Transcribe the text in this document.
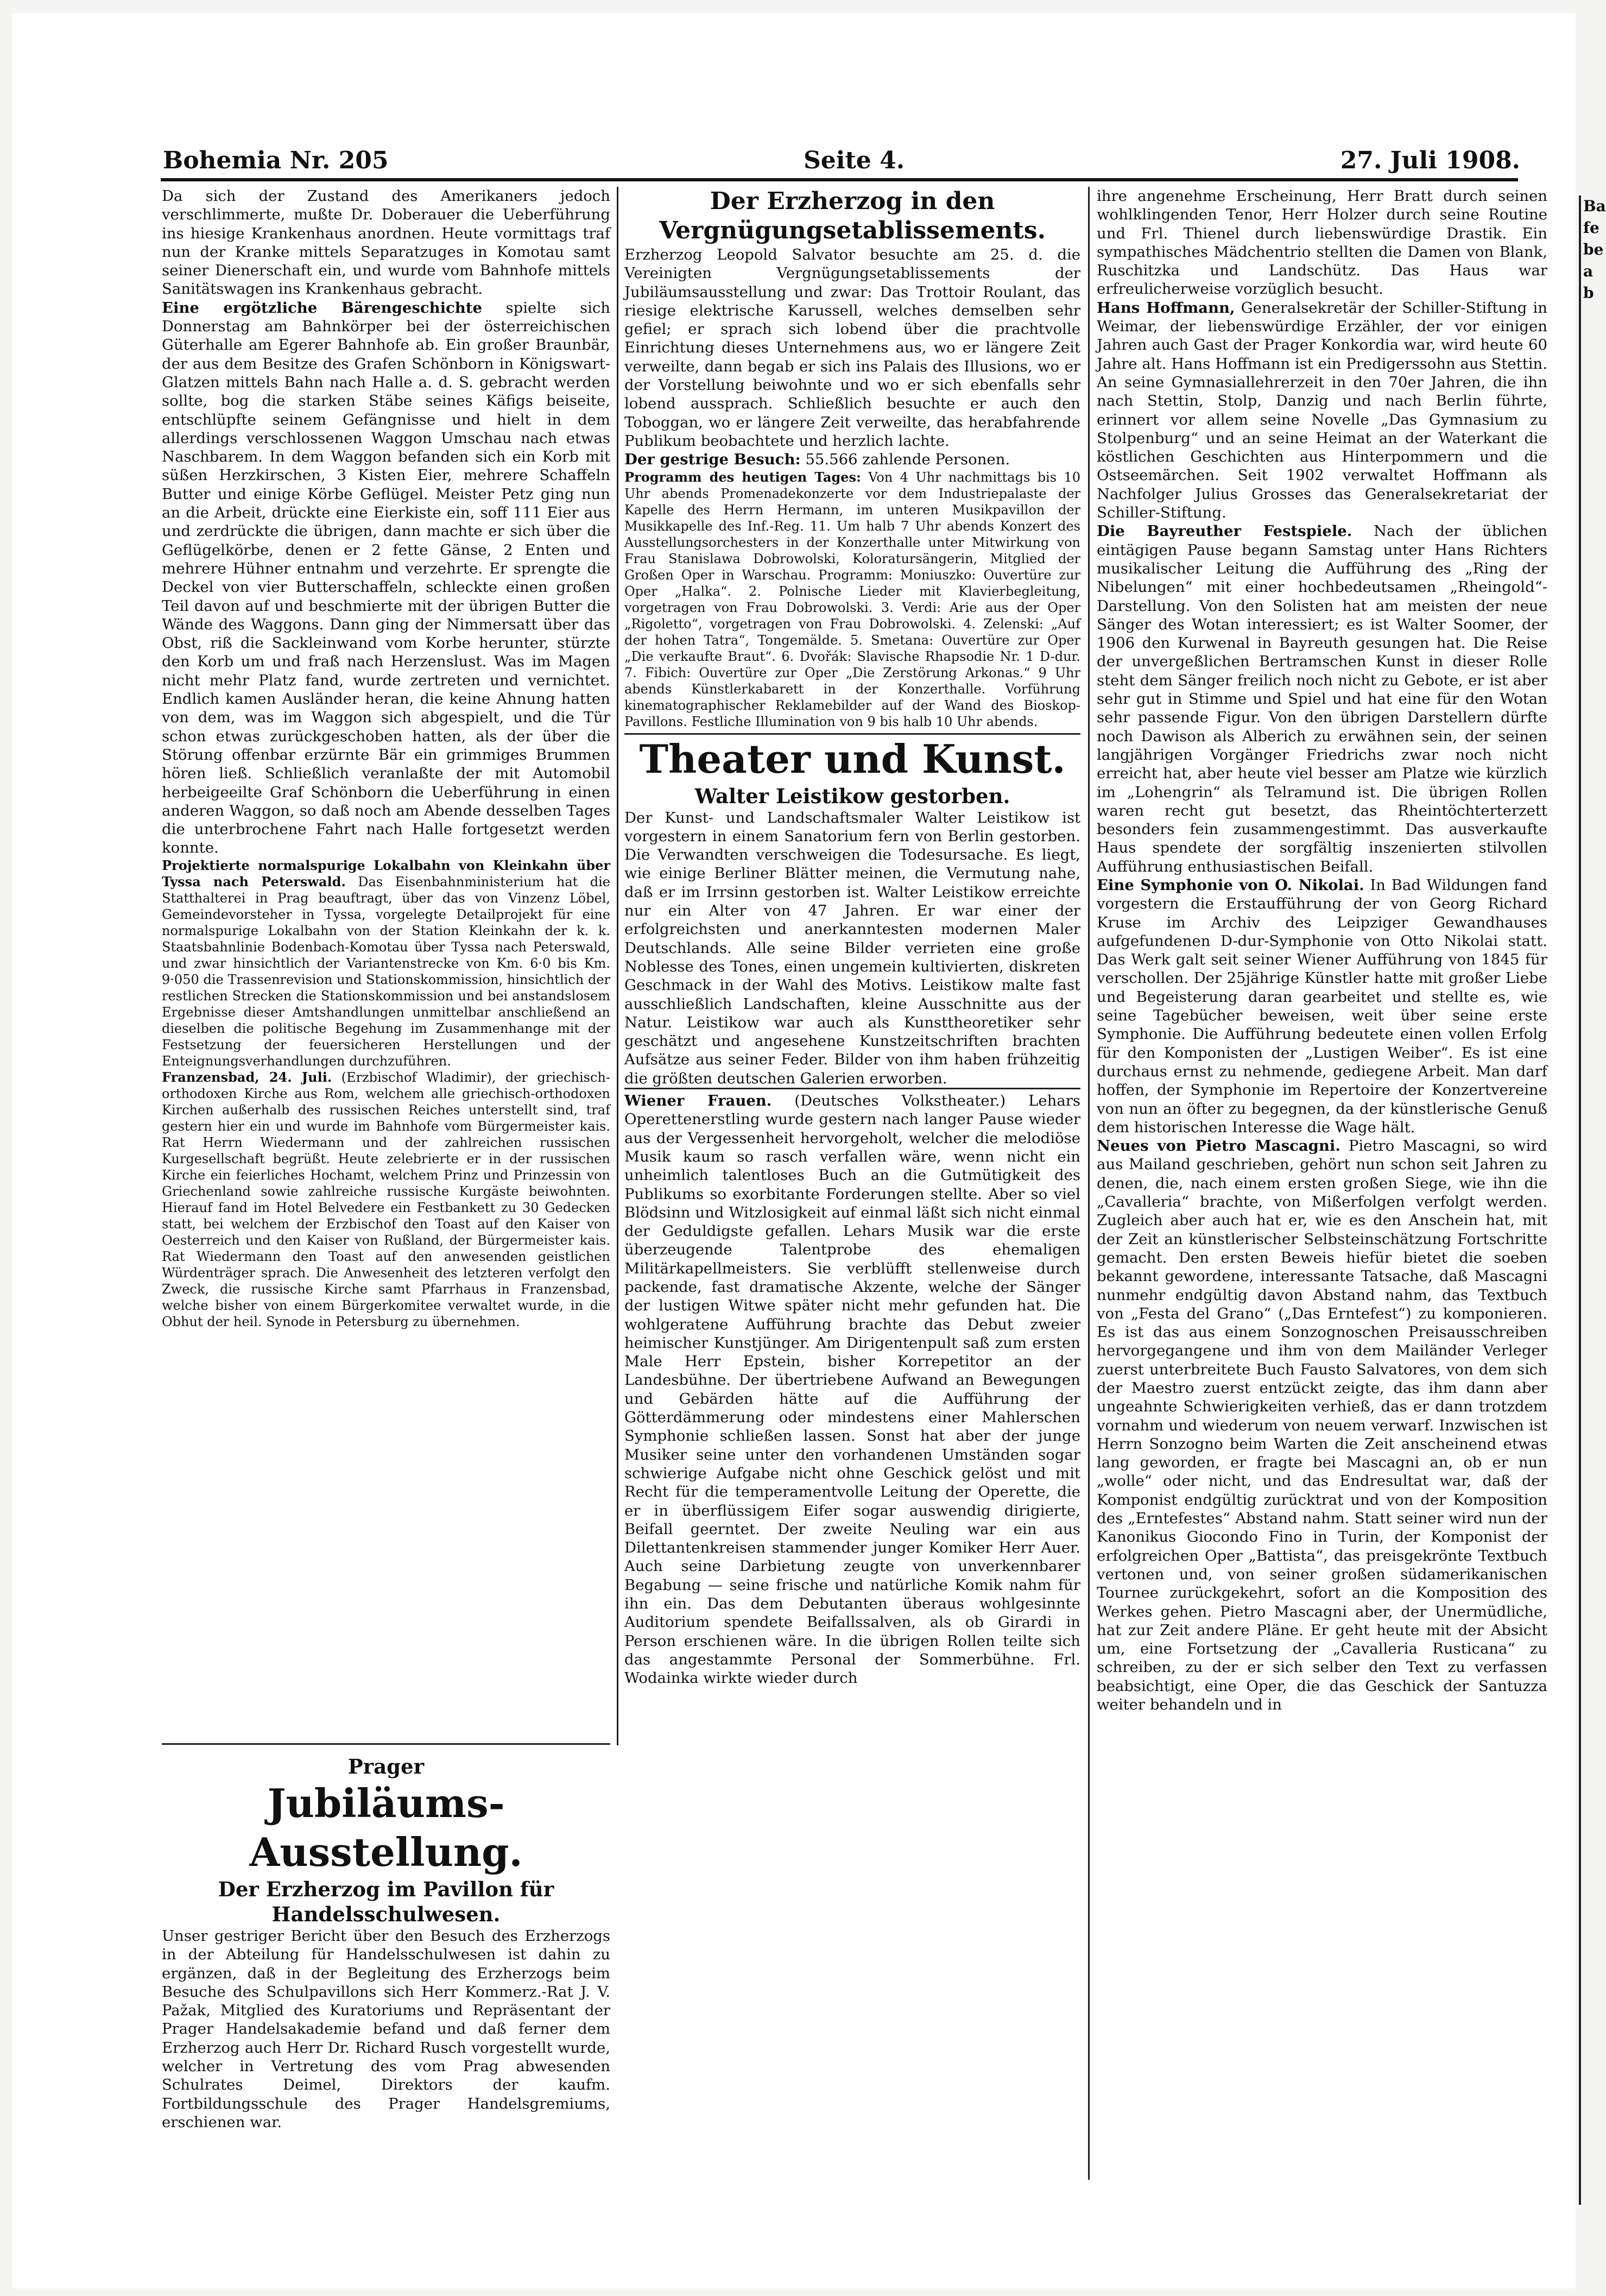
Bohemia Nr. 205	Seite 4.	27. Juli 1908.

Da sich der Zustand des Amerikaners jedoch verschlimmerte, mußte Dr. Doberauer die Ueberführung ins hiesige Krankenhaus anordnen. Heute vormittags traf nun der Kranke mittels Separatzuges in Komotau samt seiner Dienerschaft ein, und wurde vom Bahnhofe mittels Sanitätswagen ins Krankenhaus gebracht.

Eine ergötzliche Bärengeschichte spielte sich Donnerstag am Bahnkörper bei der österreichischen Güterhalle am Egerer Bahnhofe ab. Ein großer Braunbär, der aus dem Besitze des Grafen Schönborn in Königswart-Glatzen mittels Bahn nach Halle a. d. S. gebracht werden sollte, bog die starken Stäbe seines Käfigs beiseite, entschlüpfte seinem Gefängnisse und hielt in dem allerdings verschlossenen Waggon Umschau nach etwas Naschbarem. In dem Waggon befanden sich ein Korb mit süßen Herzkirschen, 3 Kisten Eier, mehrere Schaffeln Butter und einige Körbe Geflügel. Meister Petz ging nun an die Arbeit, drückte eine Eierkiste ein, soff 111 Eier aus und zerdrückte die übrigen, dann machte er sich über die Geflügelkörbe, denen er 2 fette Gänse, 2 Enten und mehrere Hühner entnahm und verzehrte. Er sprengte die Deckel von vier Butterschaffeln, schleckte einen großen Teil davon auf und beschmierte mit der übrigen Butter die Wände des Waggons. Dann ging der Nimmersatt über das Obst, riß die Sackleinwand vom Korbe herunter, stürzte den Korb um und fraß nach Herzenslust. Was im Magen nicht mehr Platz fand, wurde zertreten und vernichtet. Endlich kamen Ausländer heran, die keine Ahnung hatten von dem, was im Waggon sich abgespielt, und die Tür schon etwas zurückgeschoben hatten, als der über die Störung offenbar erzürnte Bär ein grimmiges Brummen hören ließ. Schließlich veranlaßte der mit Automobil herbeigeeilte Graf Schönborn die Ueberführung in einen anderen Waggon, so daß noch am Abende desselben Tages die unterbrochene Fahrt nach Halle fortgesetzt werden konnte.

Projektierte normalspurige Lokalbahn von Kleinkahn über Tyssa nach Peterswald. Das Eisenbahnministerium hat die Statthalterei in Prag beauftragt, über das von Vinzenz Löbel, Gemeindevorsteher in Tyssa, vorgelegte Detailprojekt für eine normalspurige Lokalbahn von der Station Kleinkahn der k. k. Staatsbahnlinie Bodenbach-Komotau über Tyssa nach Peterswald, und zwar hinsichtlich der Variantenstrecke von Km. 6·0 bis Km. 9·050 die Trassenrevision und Stationskommission, hinsichtlich der restlichen Strecken die Stationskommission und bei anstandslosem Ergebnisse dieser Amtshandlungen unmittelbar anschließend an dieselben die politische Begehung im Zusammenhange mit der Festsetzung der feuersicheren Herstellungen und der Enteignungsverhandlungen durchzuführen.

Franzensbad, 24. Juli. (Erzbischof Wladimir), der griechisch-orthodoxen Kirche aus Rom, welchem alle griechisch-orthodoxen Kirchen außerhalb des russischen Reiches unterstellt sind, traf gestern hier ein und wurde im Bahnhofe vom Bürgermeister kais. Rat Herrn Wiedermann und der zahlreichen russischen Kurgesellschaft begrüßt. Heute zelebrierte er in der russischen Kirche ein feierliches Hochamt, welchem Prinz und Prinzessin von Griechenland sowie zahlreiche russische Kurgäste beiwohnten. Hierauf fand im Hotel Belvedere ein Festbankett zu 30 Gedecken statt, bei welchem der Erzbischof den Toast auf den Kaiser von Oesterreich und den Kaiser von Rußland, der Bürgermeister kais. Rat Wiedermann den Toast auf den anwesenden geistlichen Würdenträger sprach. Die Anwesenheit des letzteren verfolgt den Zweck, die russische Kirche samt Pfarrhaus in Franzensbad, welche bisher von einem Bürgerkomitee verwaltet wurde, in die Obhut der heil. Synode in Petersburg zu übernehmen.

Prager
Jubiläums-Ausstellung.
Der Erzherzog im Pavillon für Handelsschulwesen.

Unser gestriger Bericht über den Besuch des Erzherzogs in der Abteilung für Handelsschulwesen ist dahin zu ergänzen, daß in der Begleitung des Erzherzogs beim Besuche des Schulpavillons sich Herr Kommerz.-Rat J. V. Pažak, Mitglied des Kuratoriums und Repräsentant der Prager Handelsakademie befand und daß ferner dem Erzherzog auch Herr Dr. Richard Rusch vorgestellt wurde, welcher in Vertretung des vom Prag abwesenden Schulrates Deimel, Direktors der kaufm. Fortbildungsschule des Prager Handelsgremiums, erschienen war.

Der Erzherzog in den Vergnügungsetablissements.

Erzherzog Leopold Salvator besuchte am 25. d. die Vereinigten Vergnügungsetablissements der Jubiläumsausstellung und zwar: Das Trottoir Roulant, das riesige elektrische Karussell, welches demselben sehr gefiel; er sprach sich lobend über die prachtvolle Einrichtung dieses Unternehmens aus, wo er längere Zeit verweilte, dann begab er sich ins Palais des Illusions, wo er der Vorstellung beiwohnte und wo er sich ebenfalls sehr lobend aussprach. Schließlich besuchte er auch den Toboggan, wo er längere Zeit verweilte, das herabfahrende Publikum beobachtete und herzlich lachte.

Der gestrige Besuch: 55.566 zahlende Personen.

Programm des heutigen Tages: Von 4 Uhr nachmittags bis 10 Uhr abends Promenadekonzerte vor dem Industriepalaste der Kapelle des Herrn Hermann, im unteren Musikpavillon der Musikkapelle des Inf.-Reg. 11. Um halb 7 Uhr abends Konzert des Ausstellungsorchesters in der Konzerthalle unter Mitwirkung von Frau Stanislawa Dobrowolski, Koloratursängerin, Mitglied der Großen Oper in Warschau. Programm: Moniuszko: Ouvertüre zur Oper „Halka“. 2. Polnische Lieder mit Klavierbegleitung, vorgetragen von Frau Dobrowolski. 3. Verdi: Arie aus der Oper „Rigoletto“, vorgetragen von Frau Dobrowolski. 4. Zelenski: „Auf der hohen Tatra“, Tongemälde. 5. Smetana: Ouvertüre zur Oper „Die verkaufte Braut“. 6. Dvořák: Slavische Rhapsodie Nr. 1 D-dur. 7. Fibich: Ouvertüre zur Oper „Die Zerstörung Arkonas.“ 9 Uhr abends Künstlerkabarett in der Konzerthalle. Vorführung kinematographischer Reklamebilder auf der Wand des Bioskop-Pavillons. Festliche Illumination von 9 bis halb 10 Uhr abends.

Theater und Kunst.
Walter Leistikow gestorben.

Der Kunst- und Landschaftsmaler Walter Leistikow ist vorgestern in einem Sanatorium fern von Berlin gestorben. Die Verwandten verschweigen die Todesursache. Es liegt, wie einige Berliner Blätter meinen, die Vermutung nahe, daß er im Irrsinn gestorben ist. Walter Leistikow erreichte nur ein Alter von 47 Jahren. Er war einer der erfolgreichsten und anerkanntesten modernen Maler Deutschlands. Alle seine Bilder verrieten eine große Noblesse des Tones, einen ungemein kultivierten, diskreten Geschmack in der Wahl des Motivs. Leistikow malte fast ausschließlich Landschaften, kleine Ausschnitte aus der Natur. Leistikow war auch als Kunsttheoretiker sehr geschätzt und angesehene Kunstzeitschriften brachten Aufsätze aus seiner Feder. Bilder von ihm haben frühzeitig die größten deutschen Galerien erworben.

Wiener Frauen. (Deutsches Volkstheater.) Lehars Operettenerstling wurde gestern nach langer Pause wieder aus der Vergessenheit hervorgeholt, welcher die melodiöse Musik kaum so rasch verfallen wäre, wenn nicht ein unheimlich talentloses Buch an die Gutmütigkeit des Publikums so exorbitante Forderungen stellte. Aber so viel Blödsinn und Witzlosigkeit auf einmal läßt sich nicht einmal der Geduldigste gefallen. Lehars Musik war die erste überzeugende Talentprobe des ehemaligen Militärkapellmeisters. Sie verblüfft stellenweise durch packende, fast dramatische Akzente, welche der Sänger der lustigen Witwe später nicht mehr gefunden hat. Die wohlgeratene Aufführung brachte das Debut zweier heimischer Kunstjünger. Am Dirigentenpult saß zum ersten Male Herr Epstein, bisher Korrepetitor an der Landesbühne. Der übertriebene Aufwand an Bewegungen und Gebärden hätte auf die Aufführung der Götterdämmerung oder mindestens einer Mahlerschen Symphonie schließen lassen. Sonst hat aber der junge Musiker seine unter den vorhandenen Umständen sogar schwierige Aufgabe nicht ohne Geschick gelöst und mit Recht für die temperamentvolle Leitung der Operette, die er in überflüssigem Eifer sogar auswendig dirigierte, Beifall geerntet. Der zweite Neuling war ein aus Dilettantenkreisen stammender junger Komiker Herr Auer. Auch seine Darbietung zeugte von unverkennbarer Begabung — seine frische und natürliche Komik nahm für ihn ein. Das dem Debutanten überaus wohlgesinnte Auditorium spendete Beifallssalven, als ob Girardi in Person erschienen wäre. In die übrigen Rollen teilte sich das angestammte Personal der Sommerbühne. Frl. Wodainka wirkte wieder durch

ihre angenehme Erscheinung, Herr Bratt durch seinen wohlklingenden Tenor, Herr Holzer durch seine Routine und Frl. Thienel durch liebenswürdige Drastik. Ein sympathisches Mädchentrio stellten die Damen von Blank, Ruschitzka und Landschütz. Das Haus war erfreulicherweise vorzüglich besucht.

Hans Hoffmann, Generalsekretär der Schiller-Stiftung in Weimar, der liebenswürdige Erzähler, der vor einigen Jahren auch Gast der Prager Konkordia war, wird heute 60 Jahre alt. Hans Hoffmann ist ein Predigerssohn aus Stettin. An seine Gymnasiallehrerzeit in den 70er Jahren, die ihn nach Stettin, Stolp, Danzig und nach Berlin führte, erinnert vor allem seine Novelle „Das Gymnasium zu Stolpenburg“ und an seine Heimat an der Waterkant die köstlichen Geschichten aus Hinterpommern und die Ostseemärchen. Seit 1902 verwaltet Hoffmann als Nachfolger Julius Grosses das Generalsekretariat der Schiller-Stiftung.

Die Bayreuther Festspiele. Nach der üblichen eintägigen Pause begann Samstag unter Hans Richters musikalischer Leitung die Aufführung des „Ring der Nibelungen“ mit einer hochbedeutsamen „Rheingold“-Darstellung. Von den Solisten hat am meisten der neue Sänger des Wotan interessiert; es ist Walter Soomer, der 1906 den Kurwenal in Bayreuth gesungen hat. Die Reise der unvergeßlichen Bertramschen Kunst in dieser Rolle steht dem Sänger freilich noch nicht zu Gebote, er ist aber sehr gut in Stimme und Spiel und hat eine für den Wotan sehr passende Figur. Von den übrigen Darstellern dürfte noch Dawison als Alberich zu erwähnen sein, der seinen langjährigen Vorgänger Friedrichs zwar noch nicht erreicht hat, aber heute viel besser am Platze wie kürzlich im „Lohengrin“ als Telramund ist. Die übrigen Rollen waren recht gut besetzt, das Rheintöchterterzett besonders fein zusammengestimmt. Das ausverkaufte Haus spendete der sorgfältig inszenierten stilvollen Aufführung enthusiastischen Beifall.

Eine Symphonie von O. Nikolai. In Bad Wildungen fand vorgestern die Erstaufführung der von Georg Richard Kruse im Archiv des Leipziger Gewandhauses aufgefundenen D-dur-Symphonie von Otto Nikolai statt. Das Werk galt seit seiner Wiener Aufführung von 1845 für verschollen. Der 25jährige Künstler hatte mit großer Liebe und Begeisterung daran gearbeitet und stellte es, wie seine Tagebücher beweisen, weit über seine erste Symphonie. Die Aufführung bedeutete einen vollen Erfolg für den Komponisten der „Lustigen Weiber“. Es ist eine durchaus ernst zu nehmende, gediegene Arbeit. Man darf hoffen, der Symphonie im Repertoire der Konzertvereine von nun an öfter zu begegnen, da der künstlerische Genuß dem historischen Interesse die Wage hält.

Neues von Pietro Mascagni. Pietro Mascagni, so wird aus Mailand geschrieben, gehört nun schon seit Jahren zu denen, die, nach einem ersten großen Siege, wie ihn die „Cavalleria“ brachte, von Mißerfolgen verfolgt werden. Zugleich aber auch hat er, wie es den Anschein hat, mit der Zeit an künstlerischer Selbsteinschätzung Fortschritte gemacht. Den ersten Beweis hiefür bietet die soeben bekannt gewordene, interessante Tatsache, daß Mascagni nunmehr endgültig davon Abstand nahm, das Textbuch von „Festa del Grano“ („Das Erntefest“) zu komponieren. Es ist das aus einem Sonzognoschen Preisausschreiben hervorgegangene und ihm von dem Mailänder Verleger zuerst unterbreitete Buch Fausto Salvatores, von dem sich der Maestro zuerst entzückt zeigte, das ihm dann aber ungeahnte Schwierigkeiten verhieß, das er dann trotzdem vornahm und wiederum von neuem verwarf. Inzwischen ist Herrn Sonzogno beim Warten die Zeit anscheinend etwas lang geworden, er fragte bei Mascagni an, ob er nun „wolle“ oder nicht, und das Endresultat war, daß der Komponist endgültig zurücktrat und von der Komposition des „Erntefestes“ Abstand nahm. Statt seiner wird nun der Kanonikus Giocondo Fino in Turin, der Komponist der erfolgreichen Oper „Battista“, das preisgekrönte Textbuch vertonen und, von seiner großen südamerikanischen Tournee zurückgekehrt, sofort an die Komposition des Werkes gehen. Pietro Mascagni aber, der Unermüdliche, hat zur Zeit andere Pläne. Er geht heute mit der Absicht um, eine Fortsetzung der „Cavalleria Rusticana“ zu schreiben, zu der er sich selber den Text zu verfassen beabsichtigt, eine Oper, die das Geschick der Santuzza weiter behandeln und in

Ba
fe
be
a
b
